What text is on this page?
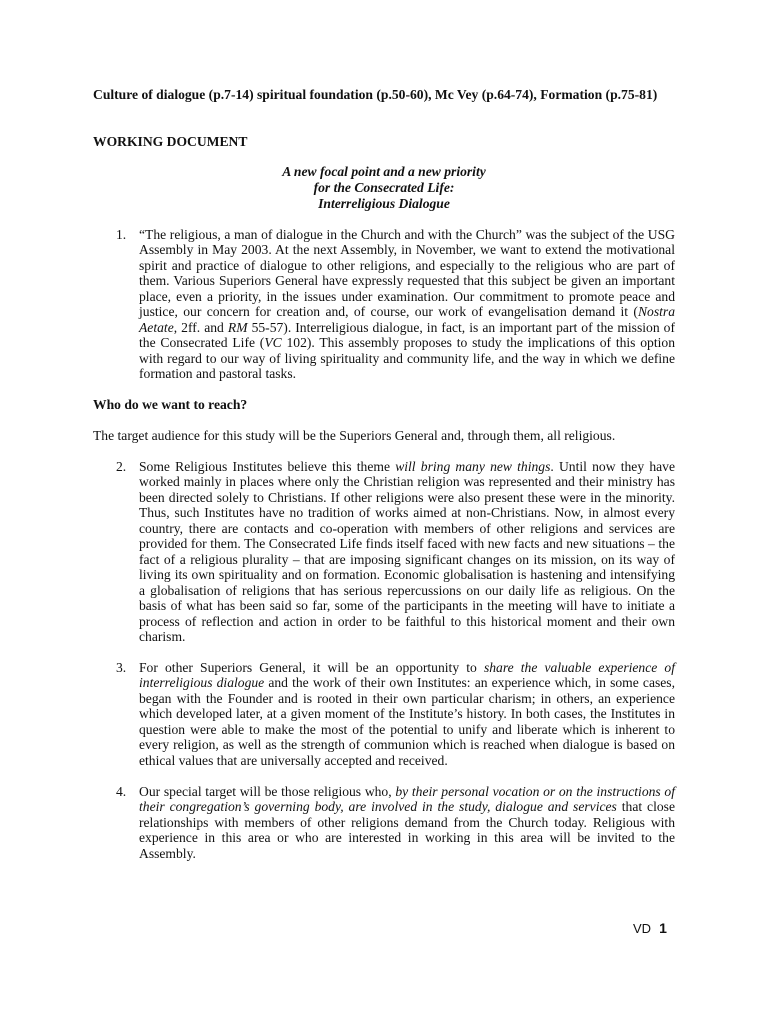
Culture of dialogue (p.7-14) spiritual foundation (p.50-60), Mc Vey (p.64-74), Formation (p.75-81)
WORKING DOCUMENT
A new focal point and a new priority
for the Consecrated Life:
Interreligious Dialogue
1. “The religious, a man of dialogue in the Church and with the Church” was the subject of the USG Assembly in May 2003. At the next Assembly, in November, we want to extend the motivational spirit and practice of dialogue to other religions, and especially to the religious who are part of them. Various Superiors General have expressly requested that this subject be given an important place, even a priority, in the issues under examination. Our commitment to promote peace and justice, our concern for creation and, of course, our work of evangelisation demand it (Nostra Aetate, 2ff. and RM 55-57). Interreligious dialogue, in fact, is an important part of the mission of the Consecrated Life (VC 102). This assembly proposes to study the implications of this option with regard to our way of living spirituality and community life, and the way in which we define formation and pastoral tasks.
Who do we want to reach?
The target audience for this study will be the Superiors General and, through them, all religious.
2. Some Religious Institutes believe this theme will bring many new things. Until now they have worked mainly in places where only the Christian religion was represented and their ministry has been directed solely to Christians. If other religions were also present these were in the minority. Thus, such Institutes have no tradition of works aimed at non-Christians. Now, in almost every country, there are contacts and co-operation with members of other religions and services are provided for them. The Consecrated Life finds itself faced with new facts and new situations – the fact of a religious plurality – that are imposing significant changes on its mission, on its way of living its own spirituality and on formation. Economic globalisation is hastening and intensifying a globalisation of religions that has serious repercussions on our daily life as religious. On the basis of what has been said so far, some of the participants in the meeting will have to initiate a process of reflection and action in order to be faithful to this historical moment and their own charism.
3. For other Superiors General, it will be an opportunity to share the valuable experience of interreligious dialogue and the work of their own Institutes: an experience which, in some cases, began with the Founder and is rooted in their own particular charism; in others, an experience which developed later, at a given moment of the Institute’s history. In both cases, the Institutes in question were able to make the most of the potential to unify and liberate which is inherent to every religion, as well as the strength of communion which is reached when dialogue is based on ethical values that are universally accepted and received.
4. Our special target will be those religious who, by their personal vocation or on the instructions of their congregation’s governing body, are involved in the study, dialogue and services that close relationships with members of other religions demand from the Church today. Religious with experience in this area or who are interested in working in this area will be invited to the Assembly.
VD 1
